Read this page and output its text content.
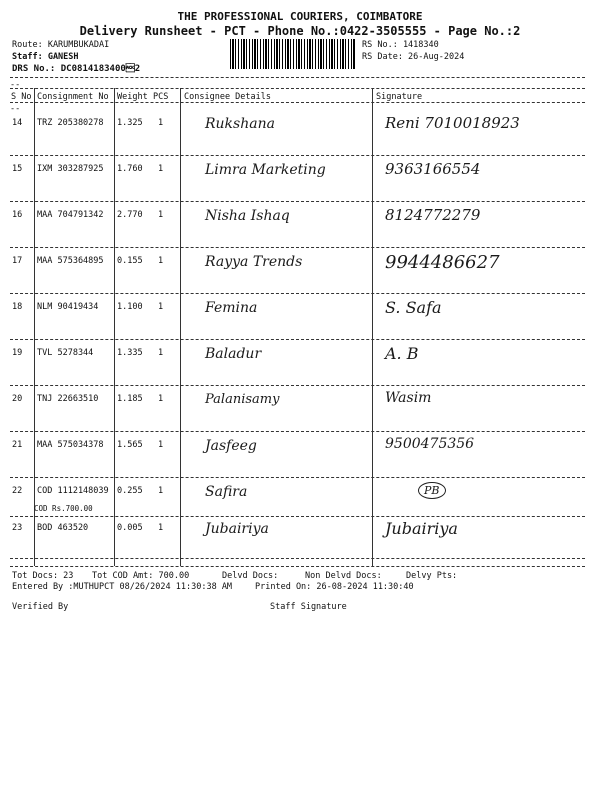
THE PROFESSIONAL COURIERS, COIMBATORE
Delivery Runsheet - PCT - Phone No.:0422-3505555 - Page No.:2
Route: KARUMBUKADAI
Staff: GANESH
DRS No.: DC08141834002
RS No.: 1418340
RS Date: 26-Aug-2024
--
S No Consignment No Weight PCS Consignee Details	Signature
--
14 TRZ 205380278 1.325 1	Rukshana	Reni 7010018923
15 IXM 303287925 1.760 1	Limra Marketing	9363166554
16 MAA 704791342 2.770 1	Nisha Ishaq	8124772279
17 MAA 575364895 0.155 1	Rayya Trends	9944486627
18 NLM 90419434 1.100 1	Femina	S. Safa
19 TVL 5278344	1.335 1	Baladur	A. B
20 TNJ 22663510 1.185 1	Palanisamy	Wasim
21 MAA 575034378 1.565 1	Jasfeeg	9500475356
22 COD 1112148039 0.255 1	Safira	PB
COD Rs.700.00
23 BOD 463520	0.005 1	Jubairiya	Jubairiya
Tot Docs: 23 Tot COD Amt: 700.00	Delvd Docs:	Non Delvd Docs:	Delvy Pts:
Entered By :MUTHUPCT 08/26/2024 11:30:38 AM	Printed On: 26-08-2024 11:30:40
Verified By	Staff Signature
